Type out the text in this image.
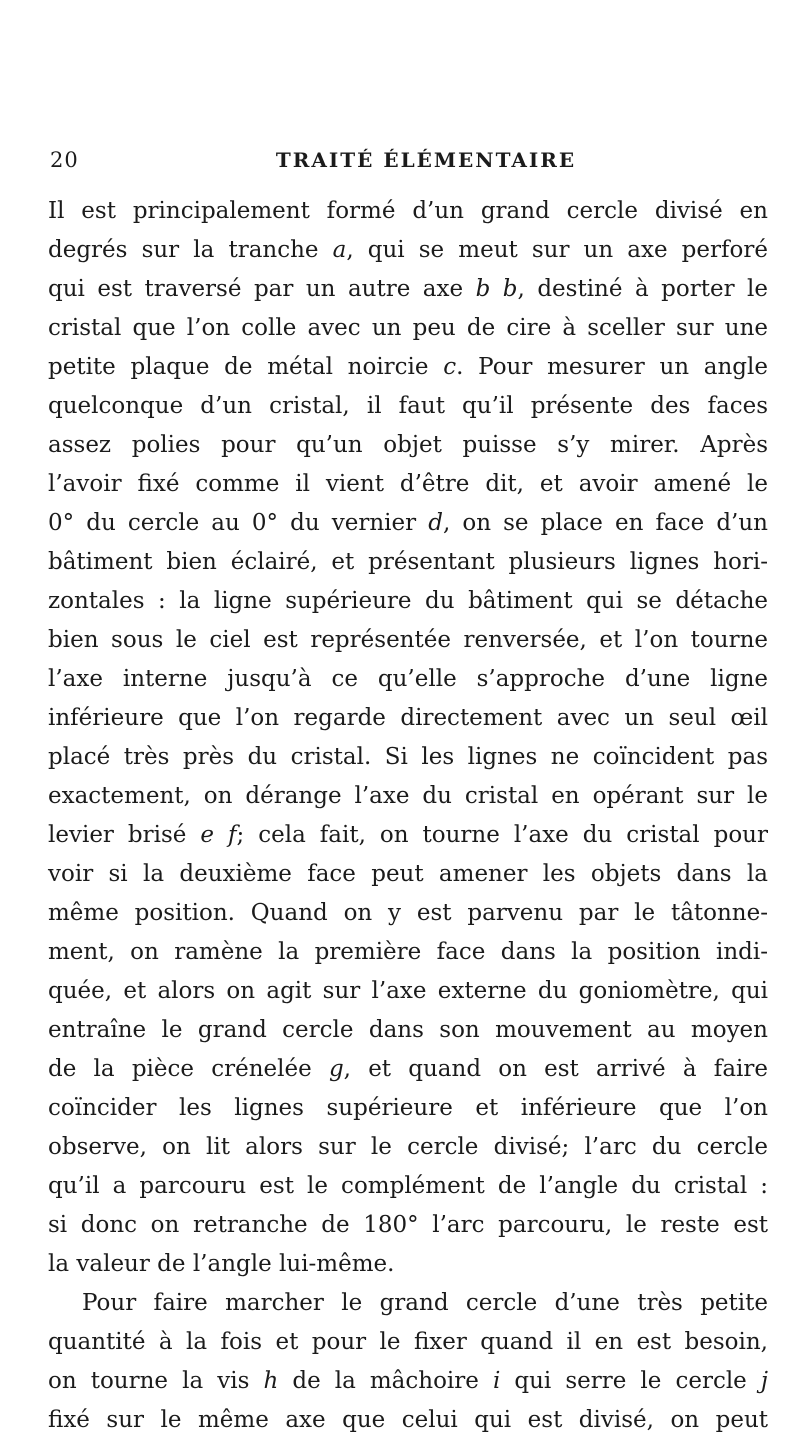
20	TRAITÉ ÉLÉMENTAIRE
Il est principalement formé d’un grand cercle divisé en
degrés sur la tranche a, qui se meut sur un axe perforé
qui est traversé par un autre axe b b, destiné à porter le
cristal que l’on colle avec un peu de cire à sceller sur une
petite plaque de métal noircie c. Pour mesurer un angle
quelconque d’un cristal, il faut qu’il présente des faces
assez polies pour qu’un objet puisse s’y mirer. Après
l’avoir fixé comme il vient d’être dit, et avoir amené le
0° du cercle au 0° du vernier d, on se place en face d’un
bâtiment bien éclairé, et présentant plusieurs lignes hori-
zontales : la ligne supérieure du bâtiment qui se détache
bien sous le ciel est représentée renversée, et l’on tourne
l’axe interne jusqu’à ce qu’elle s’approche d’une ligne
inférieure que l’on regarde directement avec un seul œil
placé très près du cristal. Si les lignes ne coïncident pas
exactement, on dérange l’axe du cristal en opérant sur le
levier brisé e f; cela fait, on tourne l’axe du cristal pour
voir si la deuxième face peut amener les objets dans la
même position. Quand on y est parvenu par le tâtonne-
ment, on ramène la première face dans la position indi-
quée, et alors on agit sur l’axe externe du goniomètre, qui
entraîne le grand cercle dans son mouvement au moyen
de la pièce crénelée g, et quand on est arrivé à faire
coïncider les lignes supérieure et inférieure que l’on
observe, on lit alors sur le cercle divisé; l’arc du cercle
qu’il a parcouru est le complément de l’angle du cristal :
si donc on retranche de 180° l’arc parcouru, le reste est
la valeur de l’angle lui-même.
Pour faire marcher le grand cercle d’une très petite
quantité à la fois et pour le fixer quand il en est besoin,
on tourne la vis h de la mâchoire i qui serre le cercle j
fixé sur le même axe que celui qui est divisé, on peut
